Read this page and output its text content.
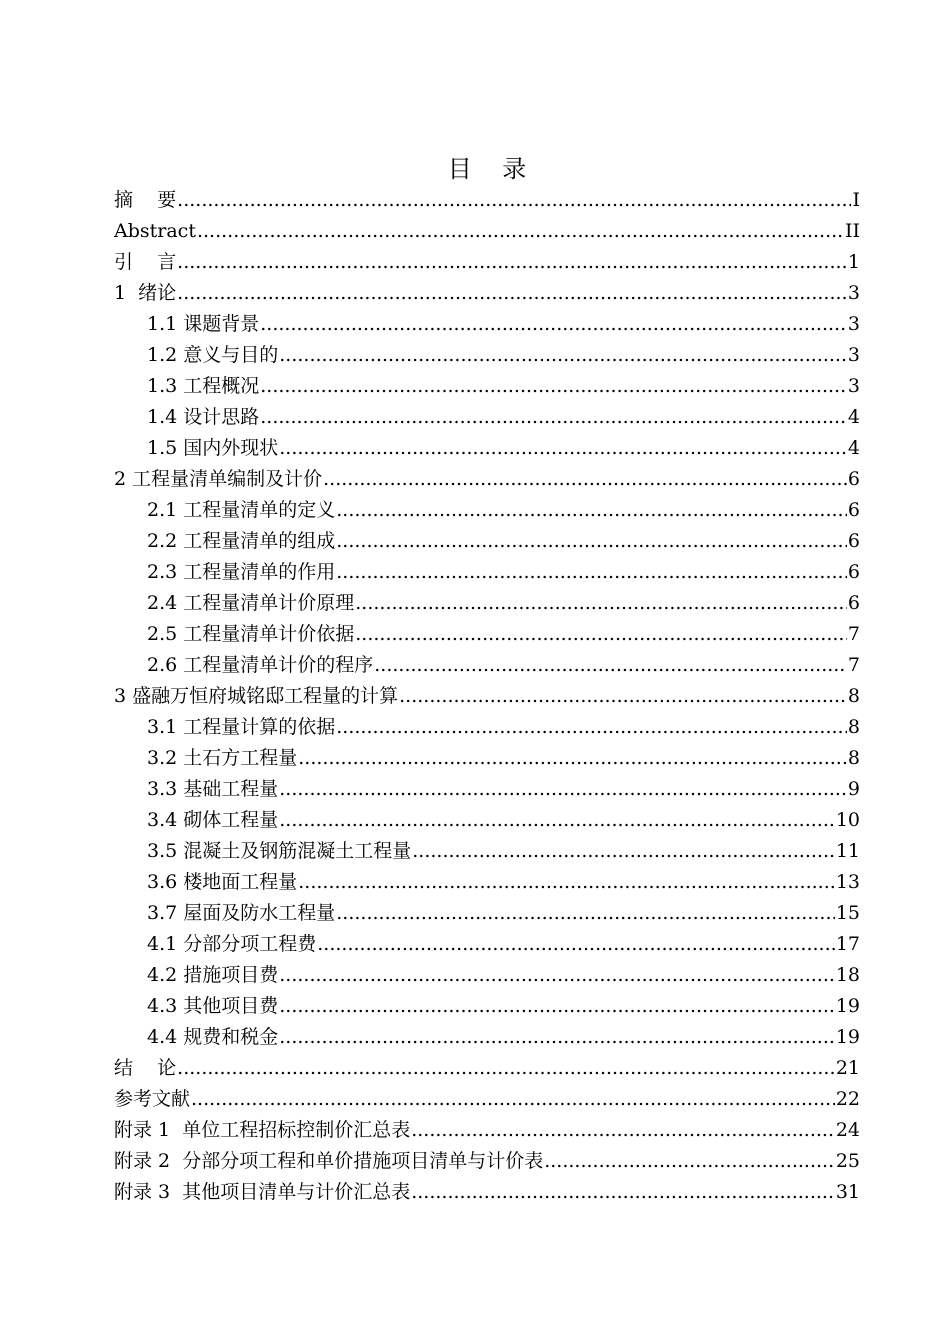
目    录
摘    要 .....	I
Abstract .....	II
引    言 .....	1
1  绪论 .....	3
1.1 课题背景 .....	3
1.2 意义与目的 .....	3
1.3 工程概况 .....	3
1.4 设计思路 .....	4
1.5 国内外现状 .....	4
2 工程量清单编制及计价 .....	6
2.1 工程量清单的定义 .....	6
2.2 工程量清单的组成 .....	6
2.3 工程量清单的作用 .....	6
2.4 工程量清单计价原理 .....	6
2.5 工程量清单计价依据 .....	7
2.6 工程量清单计价的程序 .....	7
3 盛融万恒府城铭邸工程量的计算 .....	8
3.1 工程量计算的依据 .....	8
3.2 土石方工程量 .....	8
3.3 基础工程量 .....	9
3.4 砌体工程量 .....	10
3.5 混凝土及钢筋混凝土工程量 .....	11
3.6 楼地面工程量 .....	13
3.7 屋面及防水工程量 .....	15
4.1 分部分项工程费 .....	17
4.2 措施项目费 .....	18
4.3 其他项目费 .....	19
4.4 规费和税金 .....	19
结    论 .....	21
参考文献 .....	22
附录 1  单位工程招标控制价汇总表 .....	24
附录 2  分部分项工程和单价措施项目清单与计价表 .....	25
附录 3  其他项目清单与计价汇总表 .....	31
